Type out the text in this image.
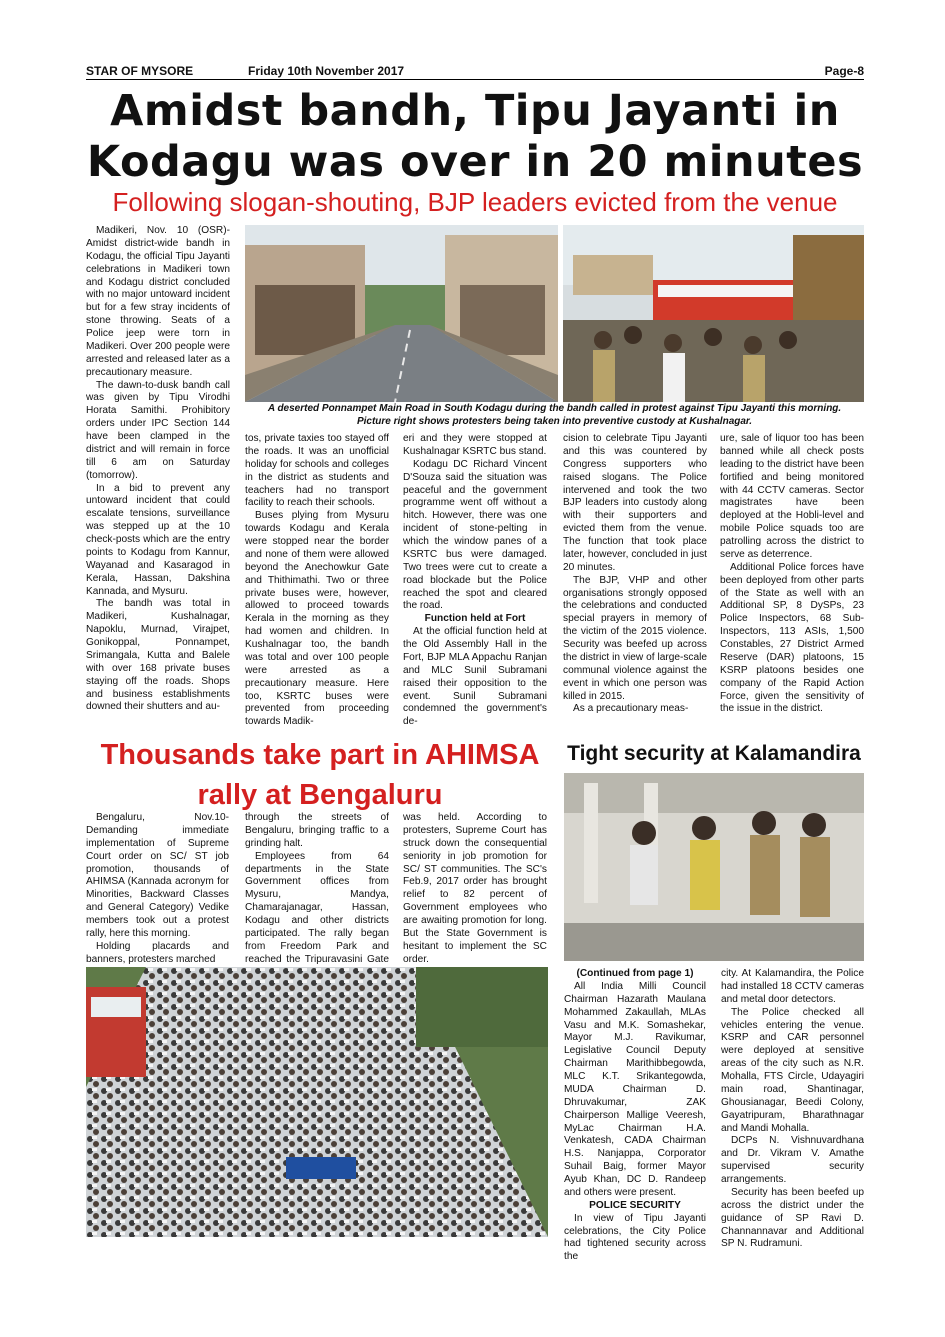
STAR OF MYSORE	Friday 10th November 2017	Page-8
Amidst bandh, Tipu Jayanti in
Kodagu was over in 20 minutes
Following slogan-shouting, BJP leaders evicted from the venue

Madikeri, Nov. 10 (OSR)- Amidst district-wide bandh in Kodagu, the official Tipu Jayanti celebrations in Madikeri town and Kodagu district concluded with no major untoward incident but for a few stray incidents of stone throwing. Seats of a Police jeep were torn in Madikeri. Over 200 people were arrested and released later as a precautionary measure.

The dawn-to-dusk bandh call was given by Tipu Virodhi Horata Samithi. Prohibitory orders under IPC Section 144 have been clamped in the district and will remain in force till 6 am on Saturday (tomorrow).

In a bid to prevent any untoward incident that could escalate tensions, surveillance was stepped up at the 10 check-posts which are the entry points to Kodagu from Kannur, Wayanad and Kasaragod in Kerala, Hassan, Dakshina Kannada, and Mysuru.

The bandh was total in Madikeri, Kushalnagar, Napoklu, Murnad, Virajpet, Gonikoppal, Ponnampet, Srimangala, Kutta and Balele with over 168 private buses staying off the roads. Shops and business establishments downed their shutters and au-

A deserted Ponnampet Main Road in South Kodagu during the bandh called in protest against Tipu Jayanti this morning.
Picture right shows protesters being taken into preventive custody at Kushalnagar.

tos, private taxies too stayed off the roads. It was an unofficial holiday for schools and colleges in the district as students and teachers had no transport facility to reach their schools.

Buses plying from Mysuru towards Kodagu and Kerala were stopped near the border and none of them were allowed beyond the Anechowkur Gate and Thithimathi. Two or three private buses were, however, allowed to proceed towards Kerala in the morning as they had women and children. In Kushalnagar too, the bandh was total and over 100 people were arrested as a precautionary measure. Here too, KSRTC buses were prevented from proceeding towards Madik-

eri and they were stopped at Kushalnagar KSRTC bus stand.

Kodagu DC Richard Vincent D'Souza said the situation was peaceful and the government programme went off without a hitch. However, there was one incident of stone-pelting in which the window panes of a KSRTC bus were damaged. Two trees were cut to create a road blockade but the Police reached the spot and cleared the road.

Function held at Fort

At the official function held at the Old Assembly Hall in the Fort, BJP MLA Appachu Ranjan and MLC Sunil Subramani raised their opposition to the event. Sunil Subramani condemned the government's de-

cision to celebrate Tipu Jayanti and this was countered by Congress supporters who raised slogans. The Police intervened and took the two BJP leaders into custody along with their supporters and evicted them from the venue. The function that took place later, however, concluded in just 20 minutes.

The BJP, VHP and other organisations strongly opposed the celebrations and conducted special prayers in memory of the victim of the 2015 violence. Security was beefed up across the district in view of large-scale communal violence against the event in which one person was killed in 2015.

As a precautionary meas-

ure, sale of liquor too has been banned while all check posts leading to the district have been fortified and being monitored with 44 CCTV cameras. Sector magistrates have been deployed at the Hobli-level and mobile Police squads too are patrolling across the district to serve as deterrence.

Additional Police forces have been deployed from other parts of the State as well with an Additional SP, 8 DySPs, 23 Police Inspectors, 68 Sub-Inspectors, 113 ASIs, 1,500 Constables, 27 District Armed Reserve (DAR) platoons, 15 KSRP platoons besides one company of the Rapid Action Force, given the sensitivity of the issue in the district.

Thousands take part in AHIMSA
rally at Bengaluru

Bengaluru, Nov.10- Demanding immediate implementation of Supreme Court order on SC/ ST job promotion, thousands of AHIMSA (Kannada acronym for Minorities, Backward Classes and General Category) Vedike members took out a protest rally, here this morning.

Holding placards and banners, protesters marched

through the streets of Bengaluru, bringing traffic to a grinding halt.

Employees from 64 departments in the State Government offices from Mysuru, Mandya, Chamarajanagar, Hassan, Kodagu and other districts participated. The rally began from Freedom Park and reached the Tripuravasini Gate

was held. According to protesters, Supreme Court has struck down the consequential seniority in job promotion for SC/ ST communities. The SC's Feb.9, 2017 order has brought relief to 82 percent of Government employees who are awaiting promotion for long. But the State Government is hesitant to implement the SC order.

Tight security at Kalamandira

(Continued from page 1)

All India Milli Council Chairman Hazarath Maulana Mohammed Zakaullah, MLAs Vasu and M.K. Somashekar, Mayor M.J. Ravikumar, Legislative Council Deputy Chairman Marithibbegowda, MLC K.T. Srikantegowda, MUDA Chairman D. Dhruvakumar, ZAK Chairperson Mallige Veeresh, MyLac Chairman H.A. Venkatesh, CADA Chairman H.S. Nanjappa, Corporator Suhail Baig, former Mayor Ayub Khan, DC D. Randeep and others were present.

POLICE SECURITY

In view of Tipu Jayanti celebrations, the City Police had tightened security across the

city. At Kalamandira, the Police had installed 18 CCTV cameras and metal door detectors.

The Police checked all vehicles entering the venue. KSRP and CAR personnel were deployed at sensitive areas of the city such as N.R. Mohalla, FTS Circle, Udayagiri main road, Shantinagar, Ghousianagar, Beedi Colony, Gayatripuram, Bharathnagar and Mandi Mohalla.

DCPs N. Vishnuvardhana and Dr. Vikram V. Amathe supervised security arrangements.

Security has been beefed up across the district under the guidance of SP Ravi D. Channannavar and Additional SP N. Rudramuni.
